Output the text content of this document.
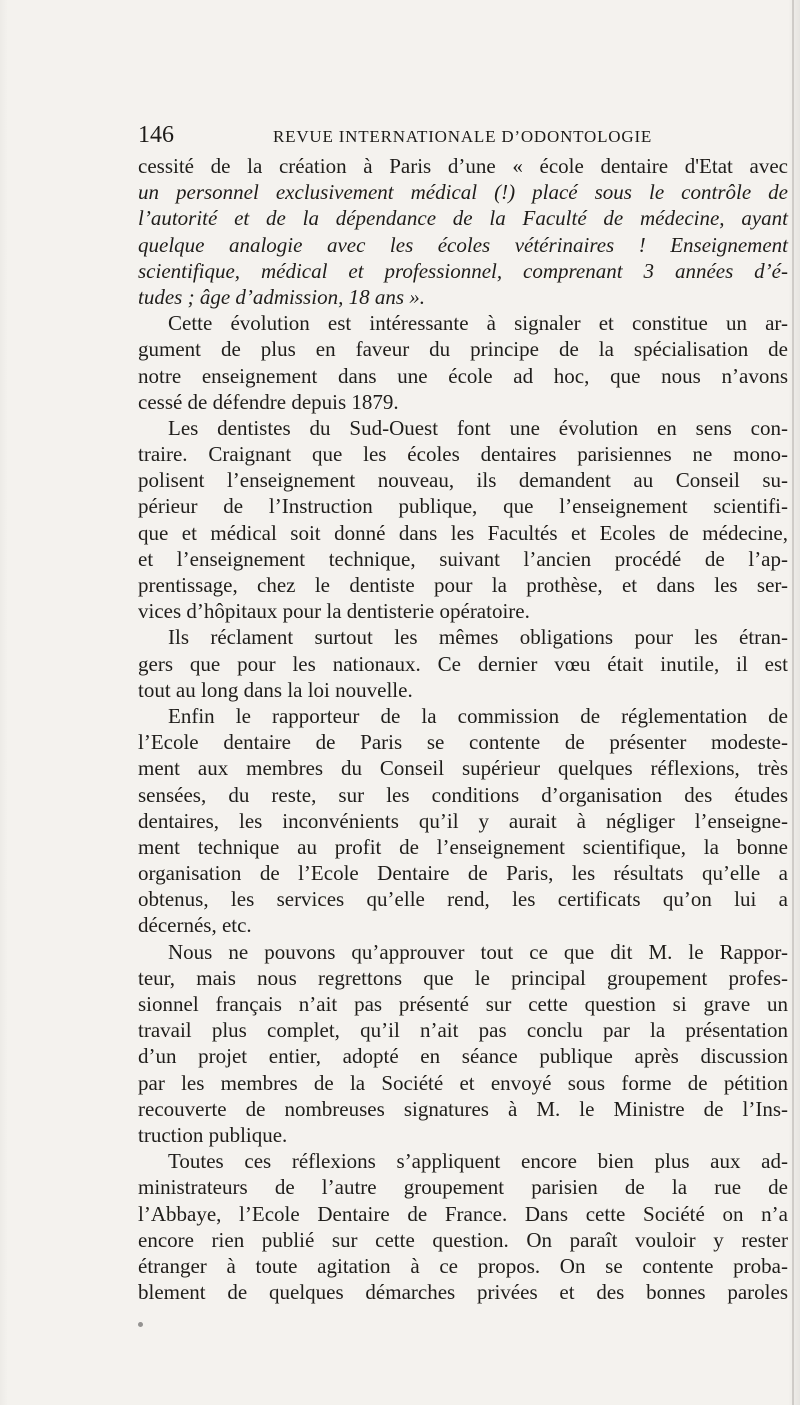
146	REVUE INTERNATIONALE D’ODONTOLOGIE
cessité de la création à Paris d’une « école dentaire d'Etat avec
un personnel exclusivement médical (!) placé sous le contrôle de
l’autorité et de la dépendance de la Faculté de médecine, ayant
quelque analogie avec les écoles vétérinaires ! Enseignement
scientifique, médical et professionnel, comprenant 3 années d’é-
tudes ; âge d’admission, 18 ans ».
Cette évolution est intéressante à signaler et constitue un ar-
gument de plus en faveur du principe de la spécialisation de
notre enseignement dans une école ad hoc, que nous n’avons
cessé de défendre depuis 1879.
Les dentistes du Sud-Ouest font une évolution en sens con-
traire. Craignant que les écoles dentaires parisiennes ne mono-
polisent l’enseignement nouveau, ils demandent au Conseil su-
périeur de l’Instruction publique, que l’enseignement scientifi-
que et médical soit donné dans les Facultés et Ecoles de médecine,
et l’enseignement technique, suivant l’ancien procédé de l’ap-
prentissage, chez le dentiste pour la prothèse, et dans les ser-
vices d’hôpitaux pour la dentisterie opératoire.
Ils réclament surtout les mêmes obligations pour les étran-
gers que pour les nationaux. Ce dernier vœu était inutile, il est
tout au long dans la loi nouvelle.
Enfin le rapporteur de la commission de réglementation de
l’Ecole dentaire de Paris se contente de présenter modeste-
ment aux membres du Conseil supérieur quelques réflexions, très
sensées, du reste, sur les conditions d’organisation des études
dentaires, les inconvénients qu’il y aurait à négliger l’enseigne-
ment technique au profit de l’enseignement scientifique, la bonne
organisation de l’Ecole Dentaire de Paris, les résultats qu’elle a
obtenus, les services qu’elle rend, les certificats qu’on lui a
décernés, etc.
Nous ne pouvons qu’approuver tout ce que dit M. le Rappor-
teur, mais nous regrettons que le principal groupement profes-
sionnel français n’ait pas présenté sur cette question si grave un
travail plus complet, qu’il n’ait pas conclu par la présentation
d’un projet entier, adopté en séance publique après discussion
par les membres de la Société et envoyé sous forme de pétition
recouverte de nombreuses signatures à M. le Ministre de l’Ins-
truction publique.
Toutes ces réflexions s’appliquent encore bien plus aux ad-
ministrateurs de l’autre groupement parisien de la rue de
l’Abbaye, l’Ecole Dentaire de France. Dans cette Société on n’a
encore rien publié sur cette question. On paraît vouloir y rester
étranger à toute agitation à ce propos. On se contente proba-
blement de quelques démarches privées et des bonnes paroles
